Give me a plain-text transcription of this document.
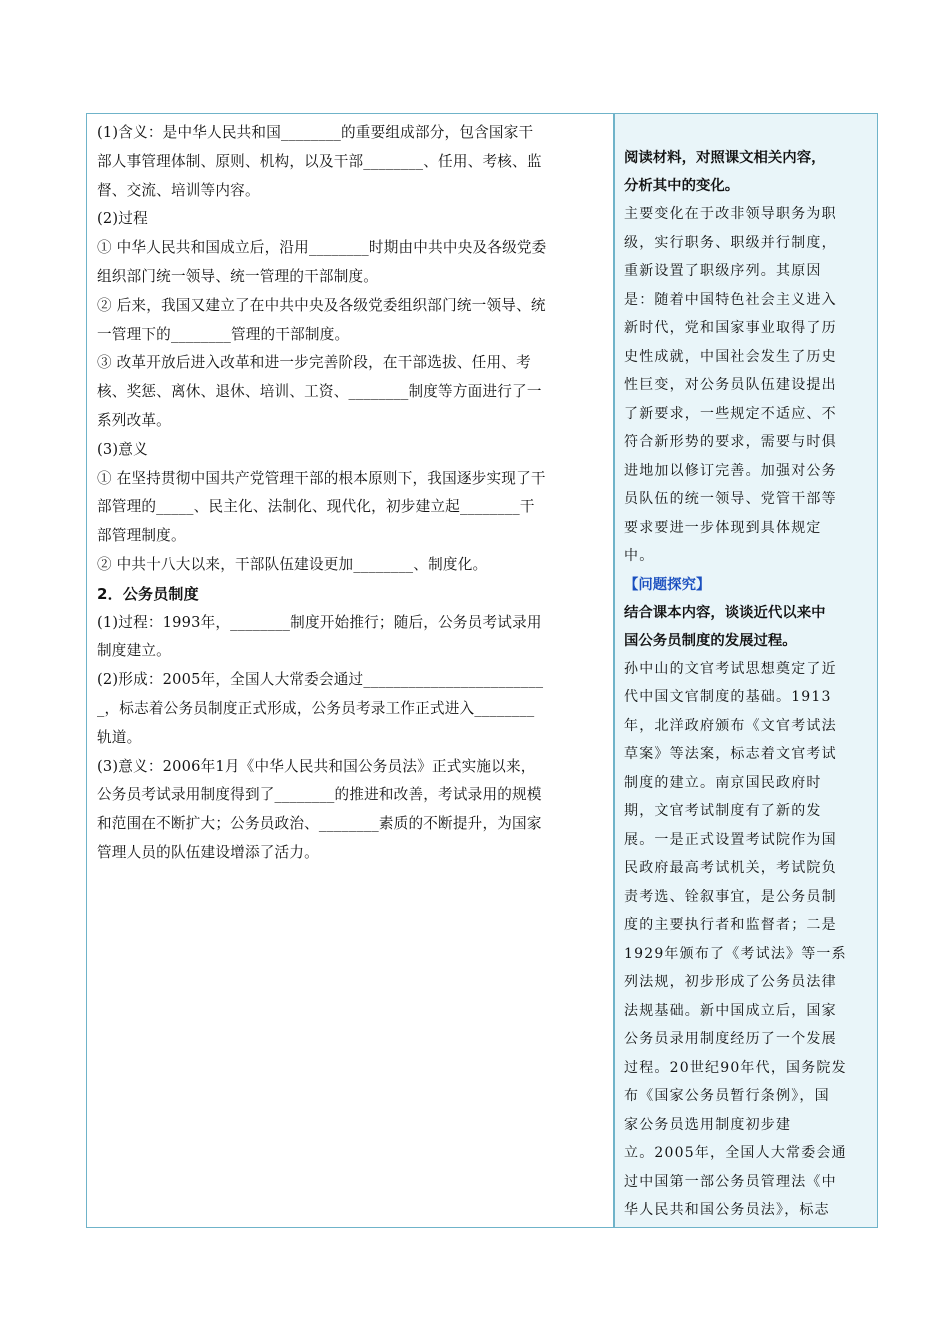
(1)含义：是中华人民共和国________的重要组成部分，包含国家干
部人事管理体制、原则、机构，以及干部________、任用、考核、监
督、交流、培训等内容。
(2)过程
① 中华人民共和国成立后，沿用________时期由中共中央及各级党委
组织部门统一领导、统一管理的干部制度。
② 后来，我国又建立了在中共中央及各级党委组织部门统一领导、统
一管理下的________管理的干部制度。
③ 改革开放后进入改革和进一步完善阶段，在干部选拔、任用、考
核、奖惩、离休、退休、培训、工资、________制度等方面进行了一
系列改革。
(3)意义
① 在坚持贯彻中国共产党管理干部的根本原则下，我国逐步实现了干
部管理的_____、民主化、法制化、现代化，初步建立起________干
部管理制度。
② 中共十八大以来，干部队伍建设更加________、制度化。
2．公务员制度
(1)过程：1993年，________制度开始推行；随后，公务员考试录用
制度建立。
(2)形成：2005年，全国人大常委会通过________________________
_，标志着公务员制度正式形成，公务员考录工作正式进入________
轨道。
(3)意义：2006年1月《中华人民共和国公务员法》正式实施以来，
公务员考试录用制度得到了________的推进和改善，考试录用的规模
和范围在不断扩大；公务员政治、________素质的不断提升，为国家
管理人员的队伍建设增添了活力。
阅读材料，对照课文相关内容，
分析其中的变化。
主要变化在于改非领导职务为职
级，实行职务、职级并行制度，
重新设置了职级序列。其原因
是：随着中国特色社会主义进入
新时代，党和国家事业取得了历
史性成就，中国社会发生了历史
性巨变，对公务员队伍建设提出
了新要求，一些规定不适应、不
符合新形势的要求，需要与时俱
进地加以修订完善。加强对公务
员队伍的统一领导、党管干部等
要求要进一步体现到具体规定
中。
【问题探究】
结合课本内容，谈谈近代以来中
国公务员制度的发展过程。
孙中山的文官考试思想奠定了近
代中国文官制度的基础。1913
年，北洋政府颁布《文官考试法
草案》等法案，标志着文官考试
制度的建立。南京国民政府时
期，文官考试制度有了新的发
展。一是正式设置考试院作为国
民政府最高考试机关，考试院负
责考选、铨叙事宜，是公务员制
度的主要执行者和监督者；二是
1929年颁布了《考试法》等一系
列法规，初步形成了公务员法律
法规基础。新中国成立后，国家
公务员录用制度经历了一个发展
过程。20世纪90年代，国务院发
布《国家公务员暂行条例》，国
家公务员选用制度初步建
立。2005年，全国人大常委会通
过中国第一部公务员管理法《中
华人民共和国公务员法》，标志
